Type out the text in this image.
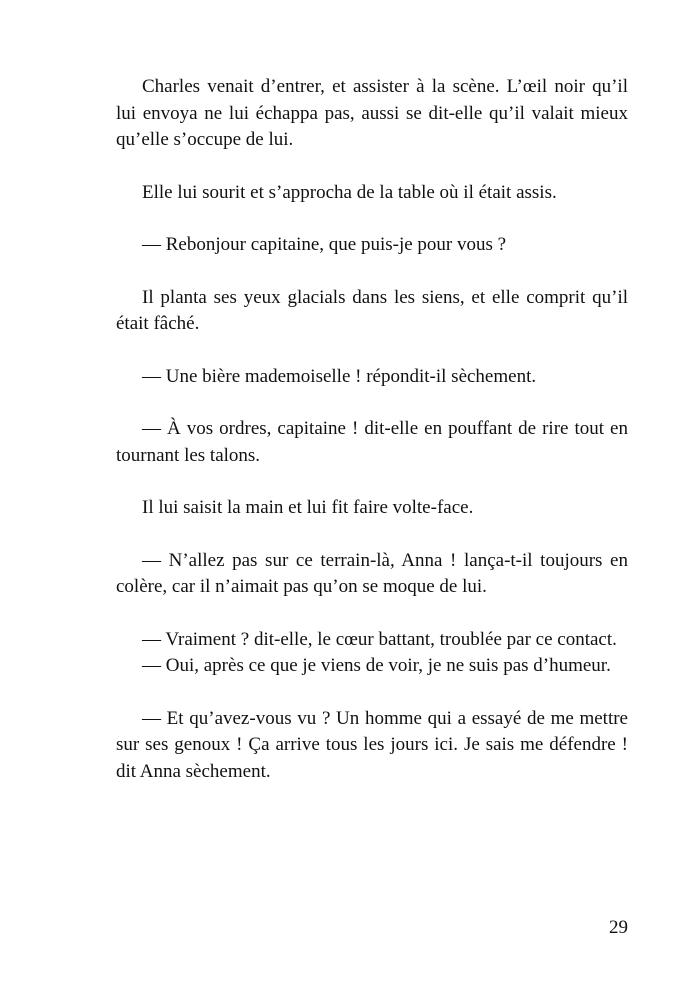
Charles venait d’entrer, et assister à la scène. L’œil noir qu’il lui envoya ne lui échappa pas, aussi se dit-elle qu’il valait mieux qu’elle s’occupe de lui.

Elle lui sourit et s’approcha de la table où il était assis.

— Rebonjour capitaine, que puis-je pour vous ?

Il planta ses yeux glacials dans les siens, et elle comprit qu’il était fâché.

— Une bière mademoiselle ! répondit-il sèchement.

— À vos ordres, capitaine ! dit-elle en pouffant de rire tout en tournant les talons.

Il lui saisit la main et lui fit faire volte-face.

— N’allez pas sur ce terrain-là, Anna ! lança-t-il toujours en colère, car il n’aimait pas qu’on se moque de lui.

— Vraiment ? dit-elle, le cœur battant, troublée par ce contact.

— Oui, après ce que je viens de voir, je ne suis pas d’humeur.

— Et qu’avez-vous vu ? Un homme qui a essayé de me mettre sur ses genoux ! Ça arrive tous les jours ici. Je sais me défendre ! dit Anna sèchement.

29
